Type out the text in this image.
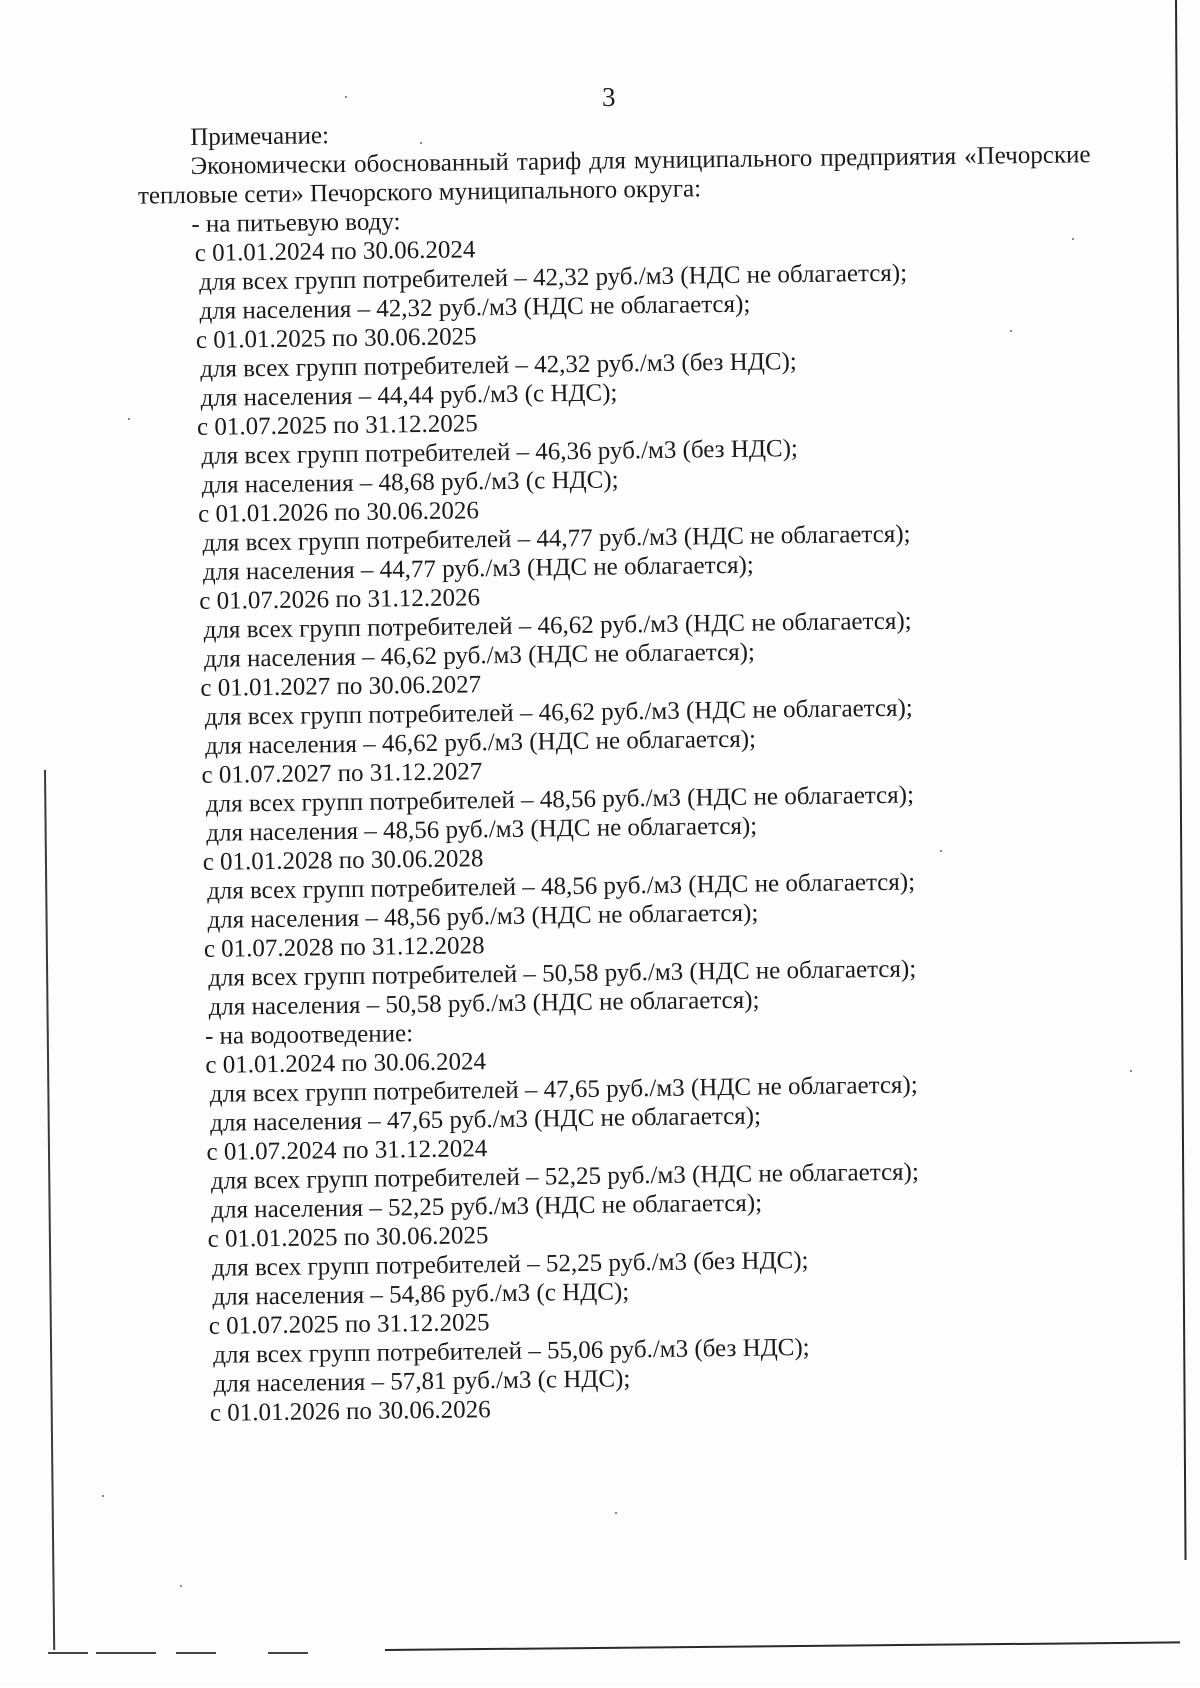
3
Примечание:
Экономически обоснованный тариф для муниципального предприятия «Печорские
тепловые сети» Печорского муниципального округа:
- на питьевую воду:
с 01.01.2024 по 30.06.2024
для всех групп потребителей – 42,32 руб./м3 (НДС не облагается);
для населения – 42,32 руб./м3 (НДС не облагается);
с 01.01.2025 по 30.06.2025
для всех групп потребителей – 42,32 руб./м3 (без НДС);
для населения – 44,44 руб./м3 (с НДС);
с 01.07.2025 по 31.12.2025
для всех групп потребителей – 46,36 руб./м3 (без НДС);
для населения – 48,68 руб./м3 (с НДС);
с 01.01.2026 по 30.06.2026
для всех групп потребителей – 44,77 руб./м3 (НДС не облагается);
для населения – 44,77 руб./м3 (НДС не облагается);
с 01.07.2026 по 31.12.2026
для всех групп потребителей – 46,62 руб./м3 (НДС не облагается);
для населения – 46,62 руб./м3 (НДС не облагается);
с 01.01.2027 по 30.06.2027
для всех групп потребителей – 46,62 руб./м3 (НДС не облагается);
для населения – 46,62 руб./м3 (НДС не облагается);
с 01.07.2027 по 31.12.2027
для всех групп потребителей – 48,56 руб./м3 (НДС не облагается);
для населения – 48,56 руб./м3 (НДС не облагается);
с 01.01.2028 по 30.06.2028
для всех групп потребителей – 48,56 руб./м3 (НДС не облагается);
для населения – 48,56 руб./м3 (НДС не облагается);
с 01.07.2028 по 31.12.2028
для всех групп потребителей – 50,58 руб./м3 (НДС не облагается);
для населения – 50,58 руб./м3 (НДС не облагается);
- на водоотведение:
с 01.01.2024 по 30.06.2024
для всех групп потребителей – 47,65 руб./м3 (НДС не облагается);
для населения – 47,65 руб./м3 (НДС не облагается);
с 01.07.2024 по 31.12.2024
для всех групп потребителей – 52,25 руб./м3 (НДС не облагается);
для населения – 52,25 руб./м3 (НДС не облагается);
с 01.01.2025 по 30.06.2025
для всех групп потребителей – 52,25 руб./м3 (без НДС);
для населения – 54,86 руб./м3 (с НДС);
с 01.07.2025 по 31.12.2025
для всех групп потребителей – 55,06 руб./м3 (без НДС);
для населения – 57,81 руб./м3 (с НДС);
с 01.01.2026 по 30.06.2026
